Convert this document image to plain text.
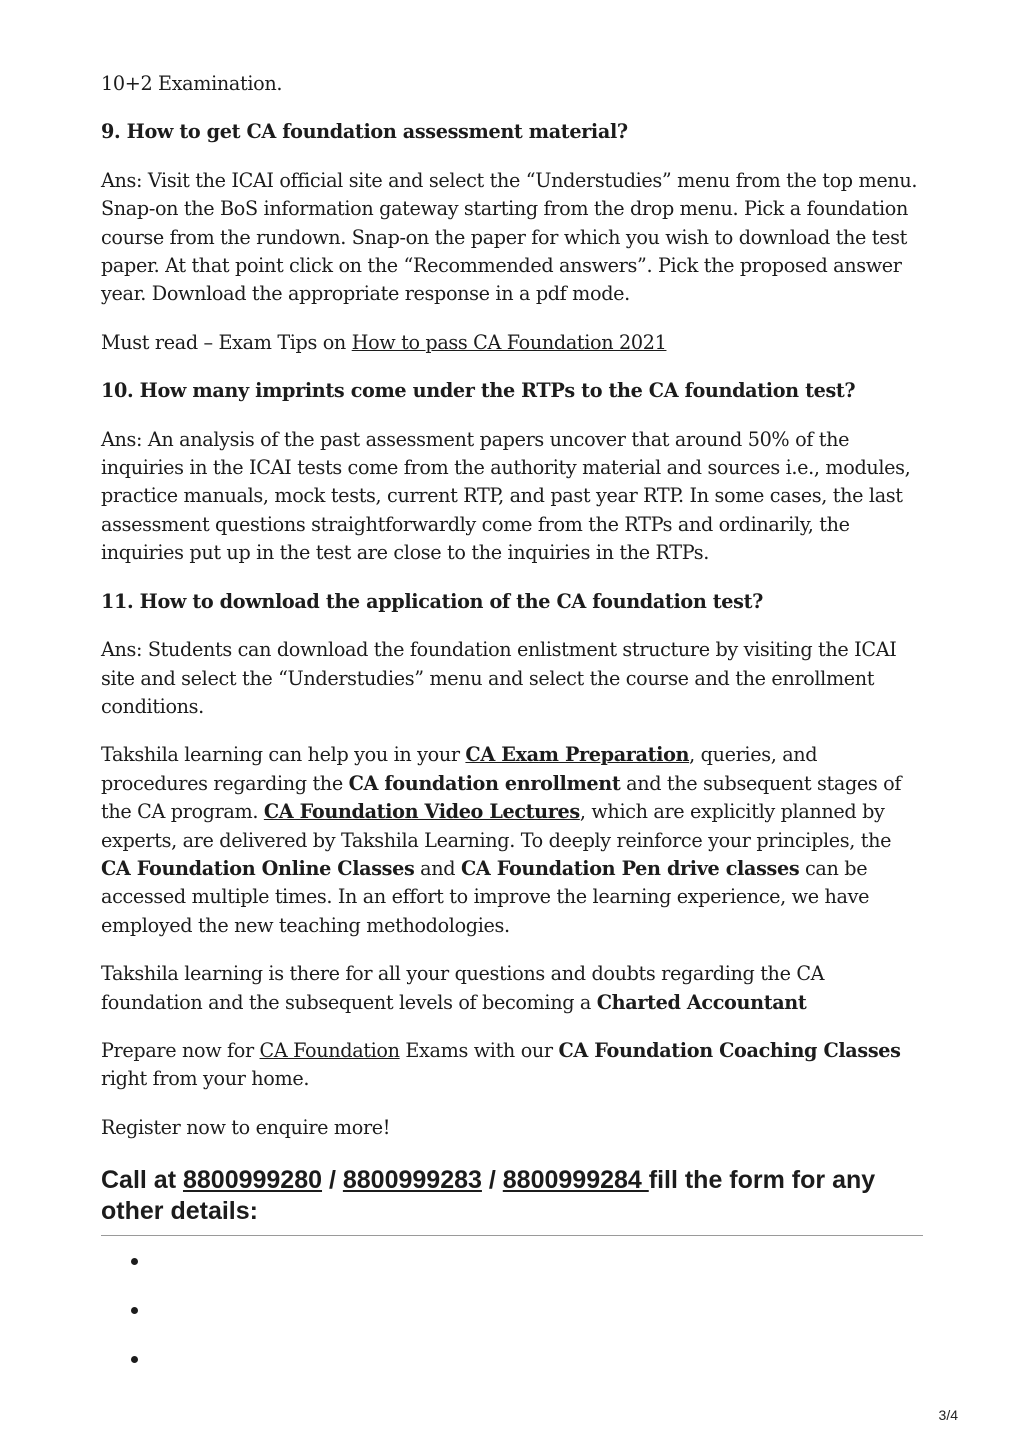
10+2 Examination.

9. How to get CA foundation assessment material?

Ans: Visit the ICAI official site and select the “Understudies” menu from the top menu. Snap-on the BoS information gateway starting from the drop menu. Pick a foundation course from the rundown. Snap-on the paper for which you wish to download the test paper. At that point click on the “Recommended answers”. Pick the proposed answer year. Download the appropriate response in a pdf mode.

Must read – Exam Tips on How to pass CA Foundation 2021

10. How many imprints come under the RTPs to the CA foundation test?

Ans: An analysis of the past assessment papers uncover that around 50% of the inquiries in the ICAI tests come from the authority material and sources i.e., modules, practice manuals, mock tests, current RTP, and past year RTP. In some cases, the last assessment questions straightforwardly come from the RTPs and ordinarily, the inquiries put up in the test are close to the inquiries in the RTPs.

11. How to download the application of the CA foundation test?

Ans: Students can download the foundation enlistment structure by visiting the ICAI site and select the “Understudies” menu and select the course and the enrollment conditions.

Takshila learning can help you in your CA Exam Preparation, queries, and procedures regarding the CA foundation enrollment and the subsequent stages of the CA program. CA Foundation Video Lectures, which are explicitly planned by experts, are delivered by Takshila Learning. To deeply reinforce your principles, the CA Foundation Online Classes and CA Foundation Pen drive classes can be accessed multiple times. In an effort to improve the learning experience, we have employed the new teaching methodologies.

Takshila learning is there for all your questions and doubts regarding the CA foundation and the subsequent levels of becoming a Charted Accountant

Prepare now for CA Foundation Exams with our CA Foundation Coaching Classes right from your home.

Register now to enquire more!

Call at 8800999280 / 8800999283 / 8800999284 fill the form for any other details:
3/4
